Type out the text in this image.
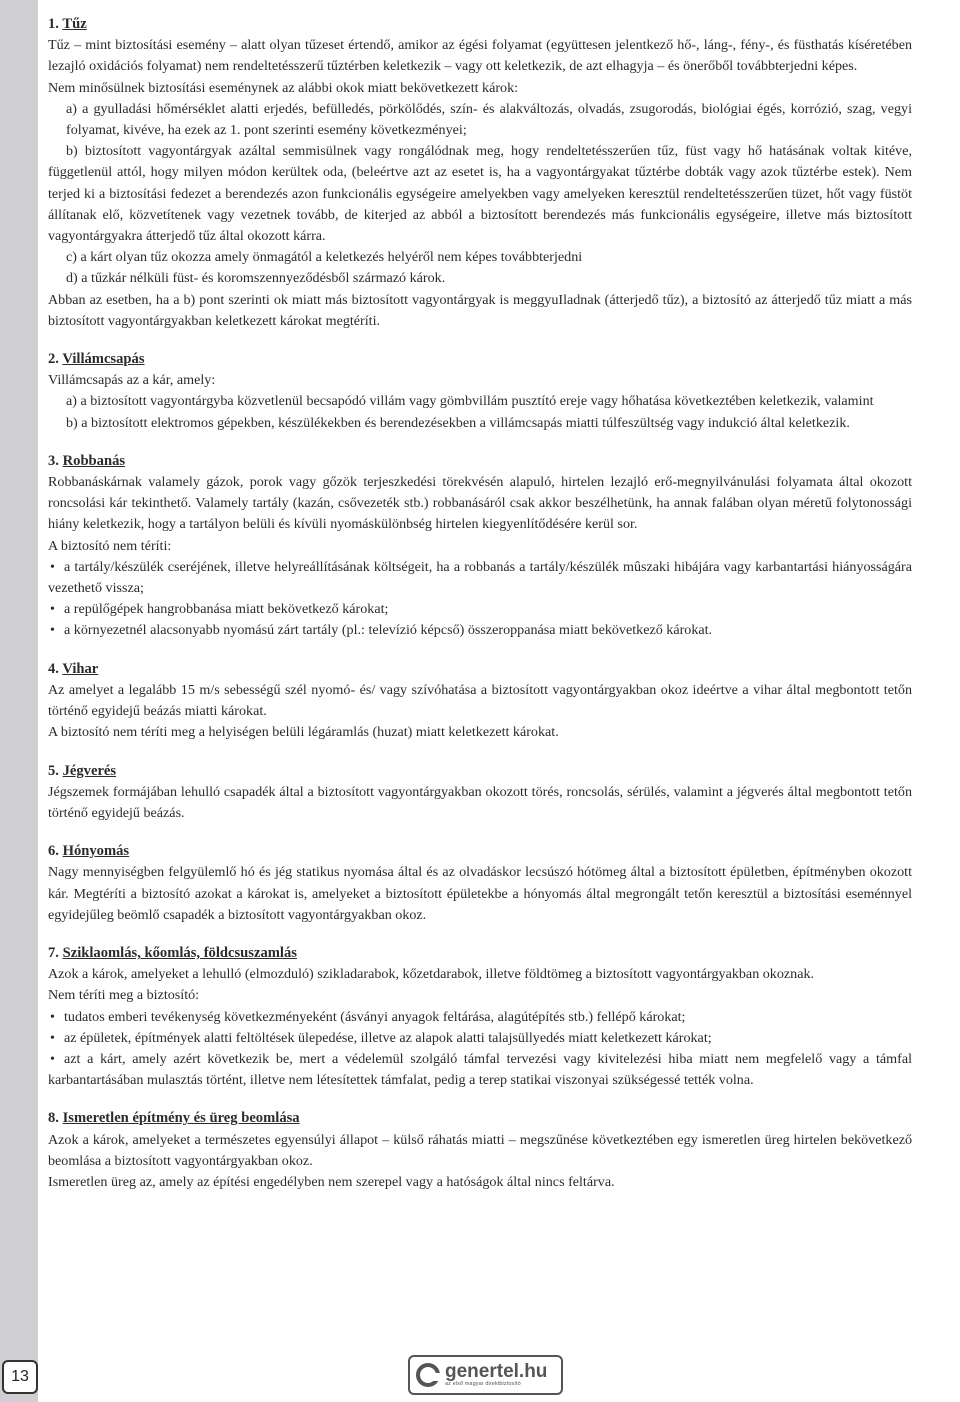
13
1. Tűz

Tűz – mint biztosítási esemény – alatt olyan tűzeset értendő, amikor az égési folyamat (együttesen jelentkező hő-, láng-, fény-, és füsthatás kíséretében lezajló oxidációs folyamat) nem rendeltetésszerű tűztérben keletkezik – vagy ott keletkezik, de azt elhagyja – és önerőből továbbterjedni képes.

Nem minősülnek biztosítási eseménynek az alábbi okok miatt bekövetkezett károk:

a) a gyulladási hőmérséklet alatti erjedés, befülledés, pörkölődés, szín- és alakváltozás, olvadás, zsugorodás, biológiai égés, korrózió, szag, vegyi folyamat, kivéve, ha ezek az 1. pont szerinti esemény következményei;

b) biztosított vagyontárgyak azáltal semmisülnek vagy rongálódnak meg, hogy rendeltetésszerűen tűz, füst vagy hő hatásának voltak kitéve, függetlenül attól, hogy milyen módon kerültek oda, (beleértve azt az esetet is, ha a vagyontárgyakat tűztérbe dobták vagy azok tűztérbe estek). Nem terjed ki a biztosítási fedezet a berendezés azon funkcionális egységeire amelyekben vagy amelyeken keresztül rendeltetésszerűen tüzet, hőt vagy füstöt állítanak elő, közvetítenek vagy vezetnek tovább, de kiterjed az abból a biztosított berendezés más funkcionális egységeire, illetve más biztosított vagyontárgyakra átterjedő tűz által okozott kárra.

c) a kárt olyan tűz okozza amely önmagától a keletkezés helyéről nem képes továbbterjedni

d) a tűzkár nélküli füst- és koromszennyeződésből származó károk.

Abban az esetben, ha a b) pont szerinti ok miatt más biztosított vagyontárgyak is meggyuIladnak (átterjedő tűz), a biztosító az átterjedő tűz miatt a más biztosított vagyontárgyakban keletkezett károkat megtéríti.

2. Villámcsapás

Villámcsapás az a kár, amely:

a) a biztosított vagyontárgyba közvetlenül becsapódó villám vagy gömbvillám pusztító ereje vagy hőhatása következtében keletkezik, valamint

b) a biztosított elektromos gépekben, készülékekben és berendezésekben a villámcsapás miatti túlfeszültség vagy indukció által keletkezik.

3. Robbanás

Robbanáskárnak valamely gázok, porok vagy gőzök terjeszkedési törekvésén alapuló, hirtelen lezajló erő-megnyilvánulási folyamata által okozott roncsolási kár tekinthető. Valamely tartály (kazán, csővezeték stb.) robbanásáról csak akkor beszélhetünk, ha annak falában olyan méretű folytonossági hiány keletkezik, hogy a tartályon belüli és kívüli nyomáskülönbség hirtelen kiegyenlítődésére kerül sor.

A biztosító nem téríti:

• a tartály/készülék cseréjének, illetve helyreállításának költségeit, ha a robbanás a tartály/készülék mûszaki hibájára vagy karbantartási hiányosságára vezethető vissza;

• a repülőgépek hangrobbanása miatt bekövetkező károkat;

• a környezetnél alacsonyabb nyomású zárt tartály (pl.: televízió képcső) összeroppanása miatt bekövetkező károkat.

4. Vihar

Az amelyet a legalább 15 m/s sebességű szél nyomó- és/ vagy szívóhatása a biztosított vagyontárgyakban okoz ideértve a vihar által megbontott tetőn történő egyidejű beázás miatti károkat.

A biztosító nem téríti meg a helyiségen belüli légáramlás (huzat) miatt keletkezett károkat.

5. Jégverés

Jégszemek formájában lehulló csapadék által a biztosított vagyontárgyakban okozott törés, roncsolás, sérülés, valamint a jégverés által megbontott tetőn történő egyidejű beázás.

6. Hónyomás

Nagy mennyiségben felgyülemlő hó és jég statikus nyomása által és az olvadáskor lecsúszó hótömeg által a biztosított épületben, építményben okozott kár. Megtéríti a biztosító azokat a károkat is, amelyeket a biztosított épületekbe a hónyomás által megrongált tetőn keresztül a biztosítási eseménnyel egyidejűleg beömlő csapadék a biztosított vagyontárgyakban okoz.

7. Sziklaomlás, kőomlás, földcsuszamlás

Azok a károk, amelyeket a lehulló (elmozduló) szikladarabok, kőzetdarabok, illetve földtömeg a biztosított vagyontárgyakban okoznak.

Nem téríti meg a biztosító:

• tudatos emberi tevékenység következményeként (ásványi anyagok feltárása, alagútépítés stb.) fellépő károkat;

• az épületek, építmények alatti feltöltések ülepedése, illetve az alapok alatti talajsüllyedés miatt keletkezett károkat;

• azt a kárt, amely azért következik be, mert a védelemül szolgáló támfal tervezési vagy kivitelezési hiba miatt nem megfelelő vagy a támfal karbantartásában mulasztás történt, illetve nem létesítettek támfalat, pedig a terep statikai viszonyai szükségessé tették volna.

8. Ismeretlen építmény és üreg beomlása

Azok a károk, amelyeket a természetes egyensúlyi állapot – külső ráhatás miatti – megszűnése következtében egy ismeretlen üreg hirtelen bekövetkező beomlása a biztosított vagyontárgyakban okoz.

Ismeretlen üreg az, amely az építési engedélyben nem szerepel vagy a hatóságok által nincs feltárva.

genertel.hu
az első magyar direktbiztosító
